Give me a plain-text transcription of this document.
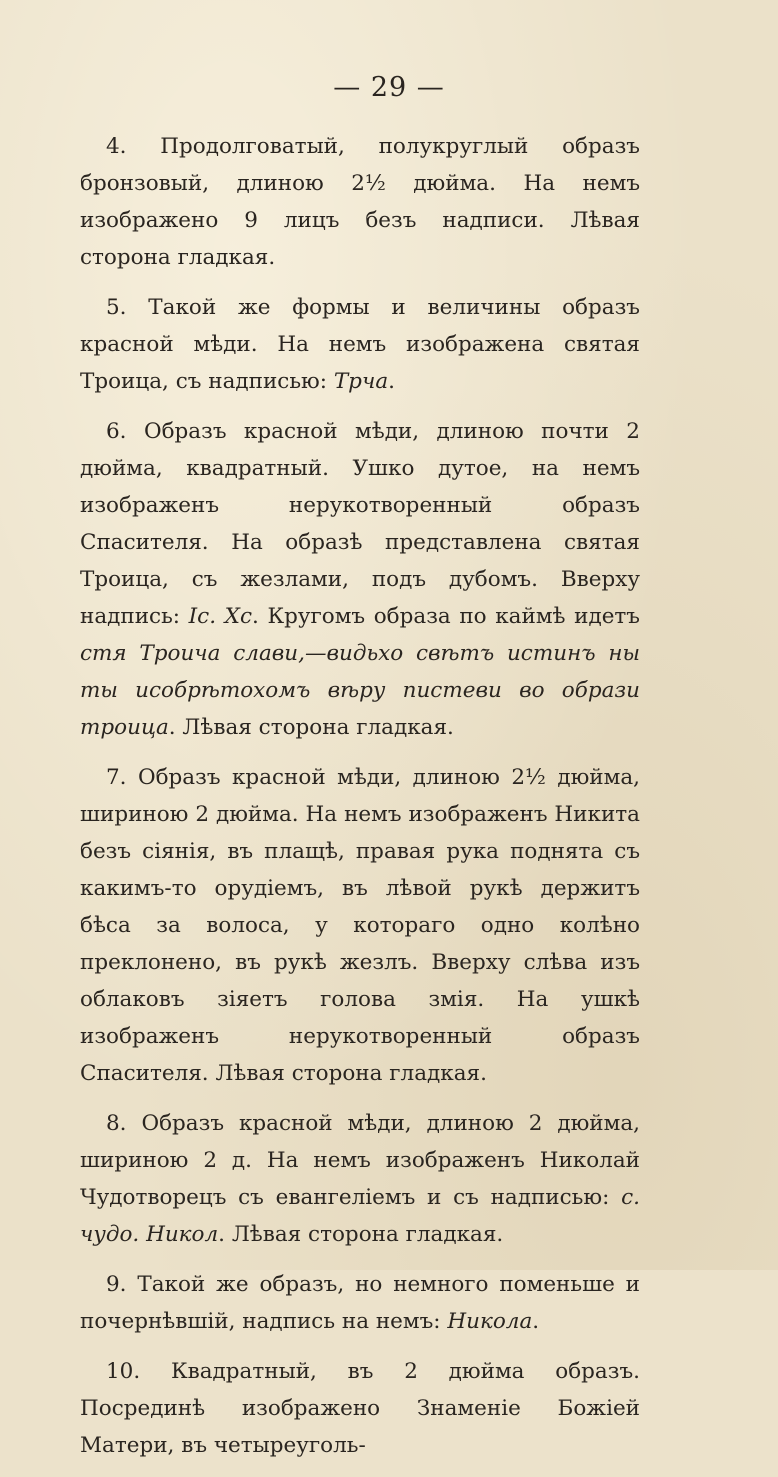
— 29 —

4. Продолговатый, полукруглый образъ бронзовый, длиною 2½ дюйма. На немъ изображено 9 лицъ безъ надписи. Лѣвая сторона гладкая.

5. Такой же формы и величины образъ красной мѣди. На немъ изображена святая Троица, съ надписью: Трча.

6. Образъ красной мѣди, длиною почти 2 дюйма, квадратный. Ушко дутое, на немъ изображенъ нерукотворенный образъ Спасителя. На образѣ представлена святая Троица, съ жезлами, подъ дубомъ. Вверху надпись: Іс. Хс. Кругомъ образа по каймѣ идетъ стя Троича слави,—видьхо свѣтъ истинъ ны ты исобрѣтохомъ вѣру пистеви во образи троица. Лѣвая сторона гладкая.

7. Образъ красной мѣди, длиною 2½ дюйма, шириною 2 дюйма. На немъ изображенъ Никита безъ сіянія, въ плащѣ, правая рука поднята съ какимъ-то орудіемъ, въ лѣвой рукѣ держитъ бѣса за волоса, у котораго одно колѣно преклонено, въ рукѣ жезлъ. Вверху слѣва изъ облаковъ зіяетъ голова змія. На ушкѣ изображенъ нерукотворенный образъ Спасителя. Лѣвая сторона гладкая.

8. Образъ красной мѣди, длиною 2 дюйма, шириною 2 д. На немъ изображенъ Николай Чудотворецъ съ евангеліемъ и съ надписью: с. чудо. Никол. Лѣвая сторона гладкая.

9. Такой же образъ, но немного поменьше и почернѣвшій, надпись на немъ: Никола.

10. Квадратный, въ 2 дюйма образъ. Посрединѣ изображено Знаменіе Божіей Матери, въ четыреуголь-
